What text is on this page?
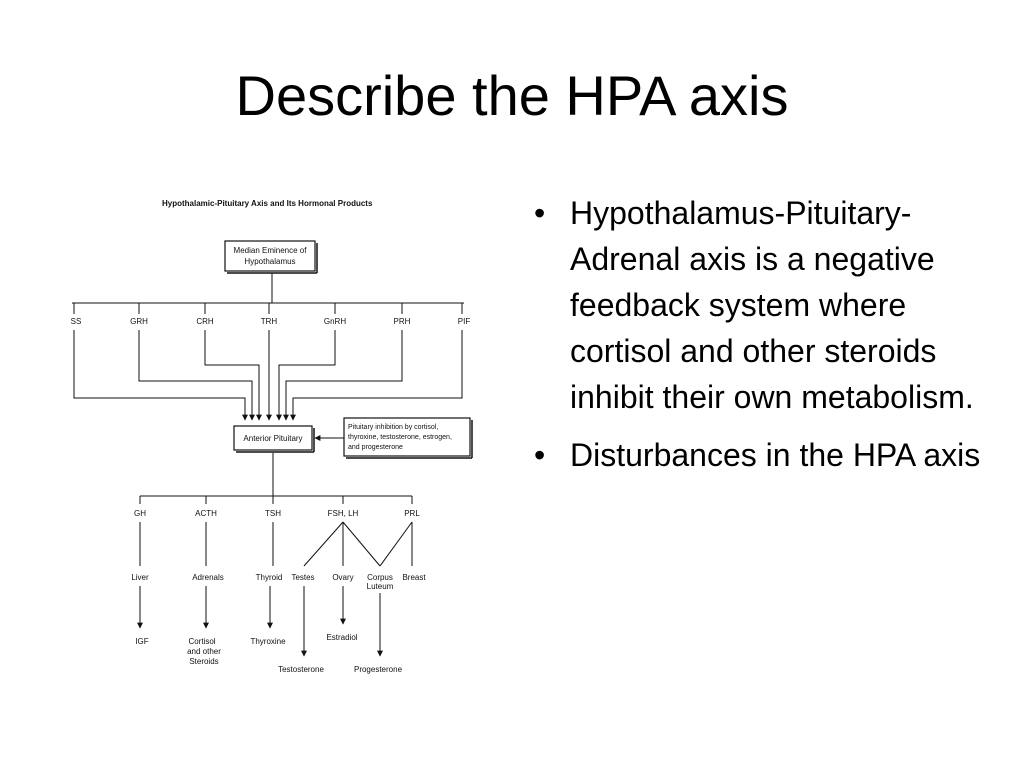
Describe the HPA axis
Hypothalamic-Pituitary Axis and Its Hormonal Products
Median Eminence of
Hypothalamus
SS	GRH	CRH	TRH	GnRH	PRH	PIF
Anterior Pituitary
Pituitary inhibition by cortisol,
thyroxine, testosterone, estrogen,
and progesterone
GH	ACTH	TSH	FSH, LH	PRL
Liver	Adrenals	Thyroid Testes Ovary Corpus
Luteum
Breast
IGF	Cortisol
and other
Steroids
Thyroxine	Estradiol
Testosterone	Progesterone
• Hypothalamus-Pituitary-Adrenal axis is a negative feedback system where cortisol and other steroids inhibit their own metabolism.
• Disturbances in the HPA axis
